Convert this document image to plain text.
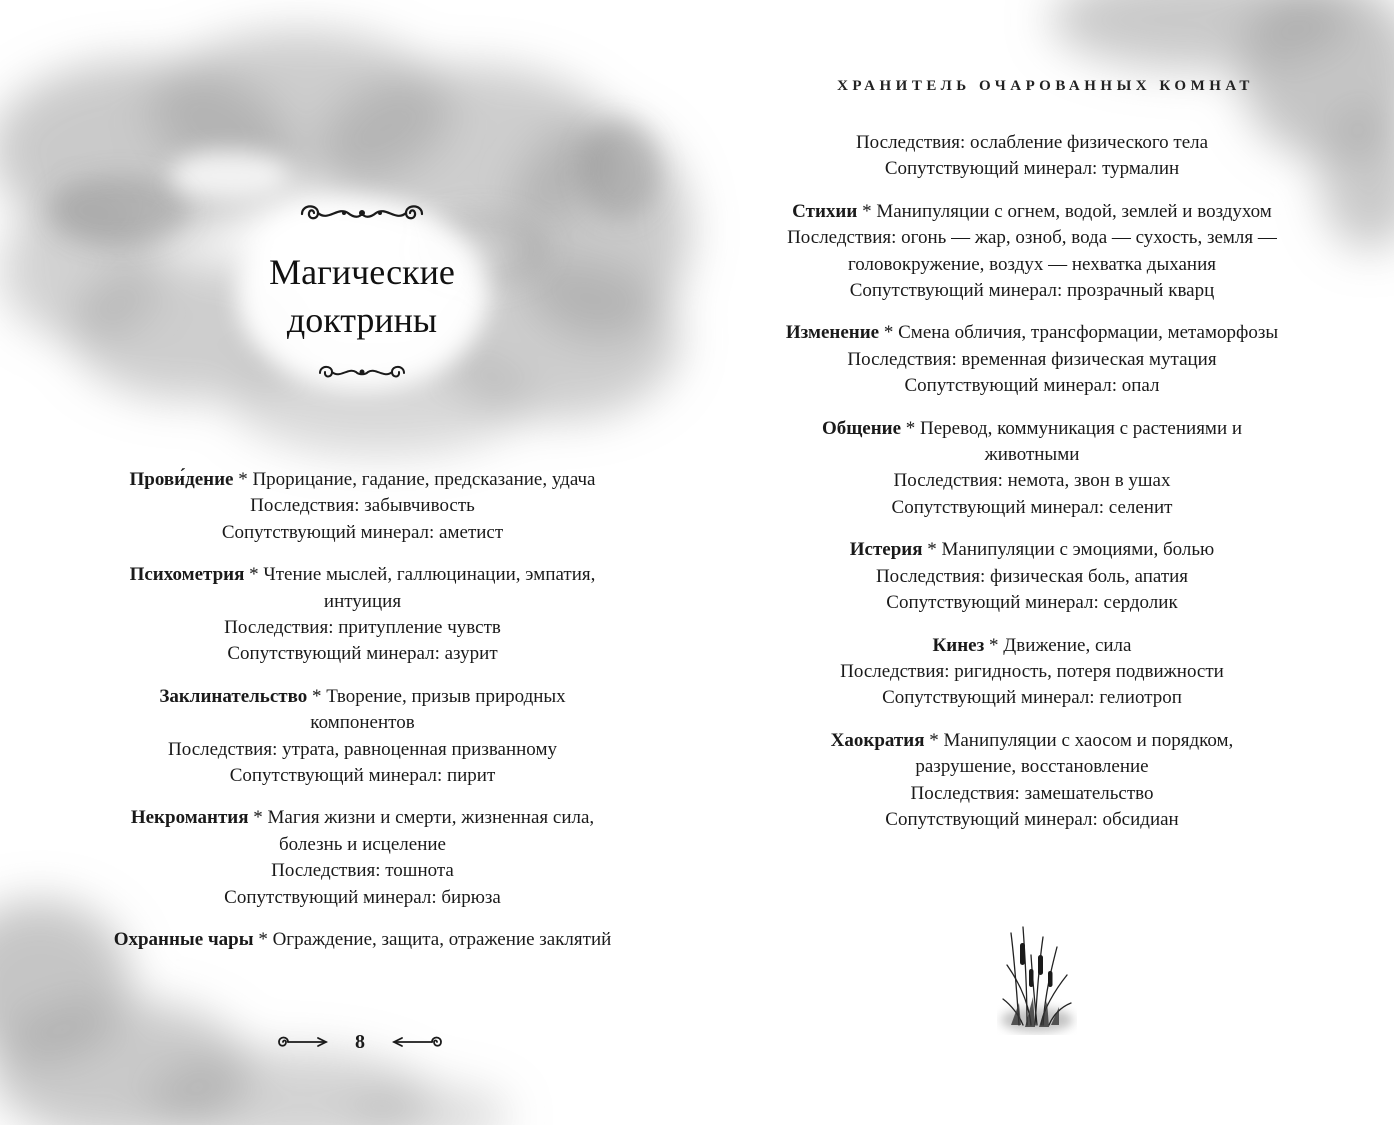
Магические
доктрины

Прови́дение * Прорицание, гадание, предсказание, удача

Последствия: забывчивость

Сопутствующий минерал: аметист

Психометрия * Чтение мыслей, галлюцинации, эмпатия, интуиция

Последствия: притупление чувств

Сопутствующий минерал: азурит

Заклинательство * Творение, призыв природных компонентов

Последствия: утрата, равноценная призванному

Сопутствующий минерал: пирит

Некромантия * Магия жизни и смерти, жизненная сила, болезнь и исцеление

Последствия: тошнота

Сопутствующий минерал: бирюза

Охранные чары * Ограждение, защита, отражение заклятий

8
ХРАНИТЕЛЬ ОЧАРОВАННЫХ КОМНАТ

Последствия: ослабление физического тела

Сопутствующий минерал: турмалин

Стихии * Манипуляции с огнем, водой, землей и воздухом

Последствия: огонь — жар, озноб, вода — сухость, земля — головокружение, воздух — нехватка дыхания

Сопутствующий минерал: прозрачный кварц

Изменение * Смена обличия, трансформации, метаморфозы

Последствия: временная физическая мутация

Сопутствующий минерал: опал

Общение * Перевод, коммуникация с растениями и животными

Последствия: немота, звон в ушах

Сопутствующий минерал: селенит

Истерия * Манипуляции с эмоциями, болью

Последствия: физическая боль, апатия

Сопутствующий минерал: сердолик

Кинез * Движение, сила

Последствия: ригидность, потеря подвижности

Сопутствующий минерал: гелиотроп

Хаократия * Манипуляции с хаосом и порядком, разрушение, восстановление

Последствия: замешательство

Сопутствующий минерал: обсидиан
